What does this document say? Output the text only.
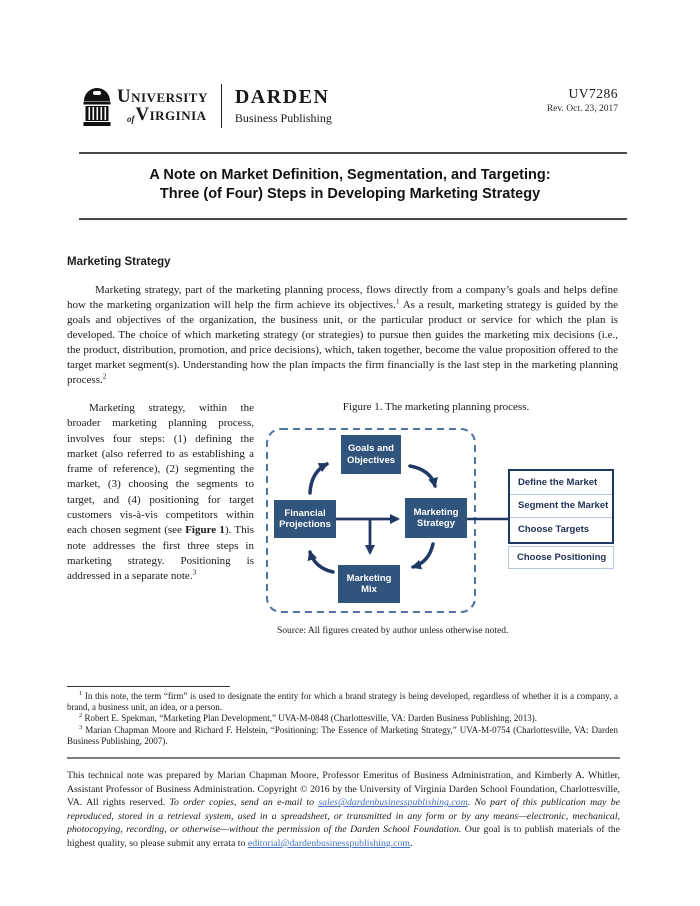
UNIVERSITY
ofVIRGINIA
DARDEN
Business Publishing
UV7286
Rev. Oct. 23, 2017
A Note on Market Definition, Segmentation, and Targeting:
Three (of Four) Steps in Developing Marketing Strategy
Marketing Strategy
Marketing strategy, part of the marketing planning process, flows directly from a company’s goals and helps define how the marketing organization will help the firm achieve its objectives.$^1$ As a result, marketing strategy is guided by the goals and objectives of the organization, the business unit, or the particular product or service for which the plan is developed. The choice of which marketing strategy (or strategies) to pursue then guides the marketing mix decisions (i.e., the product, distribution, promotion, and price decisions), which, taken together, become the value proposition offered to the target market segment(s). Understanding how the plan impacts the firm financially is the last step in the marketing planning process.$^2$
Marketing strategy, within the broader marketing planning process, involves four steps: (1) defining the market (also referred to as establishing a frame of reference), (2) segmenting the market, (3) choosing the segments to target, and (4) positioning for target customers vis-à-vis competitors within each chosen segment (see Figure 1). This note addresses the first three steps in marketing strategy. Positioning is addressed in a separate note.$^3$
Figure 1. The marketing planning process.
Goals and
Objectives
Financial
Projections
Marketing
Strategy
Marketing
Mix
Define the Market
Segment the Market
Choose Targets
Choose Positioning
Source: All figures created by author unless otherwise noted.

$^1$ In this note, the term “firm” is used to designate the entity for which a brand strategy is being developed, regardless of whether it is a company, a brand, a business unit, an idea, or a person.

$^2$ Robert E. Spekman, “Marketing Plan Development,” UVA-M-0848 (Charlottesville, VA: Darden Business Publishing, 2013).

$^3$ Marian Chapman Moore and Richard F. Helstein, “Positioning: The Essence of Marketing Strategy,” UVA-M-0754 (Charlottesville, VA: Darden Business Publishing, 2007).

This technical note was prepared by Marian Chapman Moore, Professor Emeritus of Business Administration, and Kimberly A. Whitler, Assistant Professor of Business Administration. Copyright © 2016 by the University of Virginia Darden School Foundation, Charlottesville, VA. All rights reserved. To order copies, send an e-mail to sales@dardenbusinesspublishing.com. No part of this publication may be reproduced, stored in a retrieval system, used in a spreadsheet, or transmitted in any form or by any means—electronic, mechanical, photocopying, recording, or otherwise—without the permission of the Darden School Foundation. Our goal is to publish materials of the highest quality, so please submit any errata to editorial@dardenbusinesspublishing.com.
